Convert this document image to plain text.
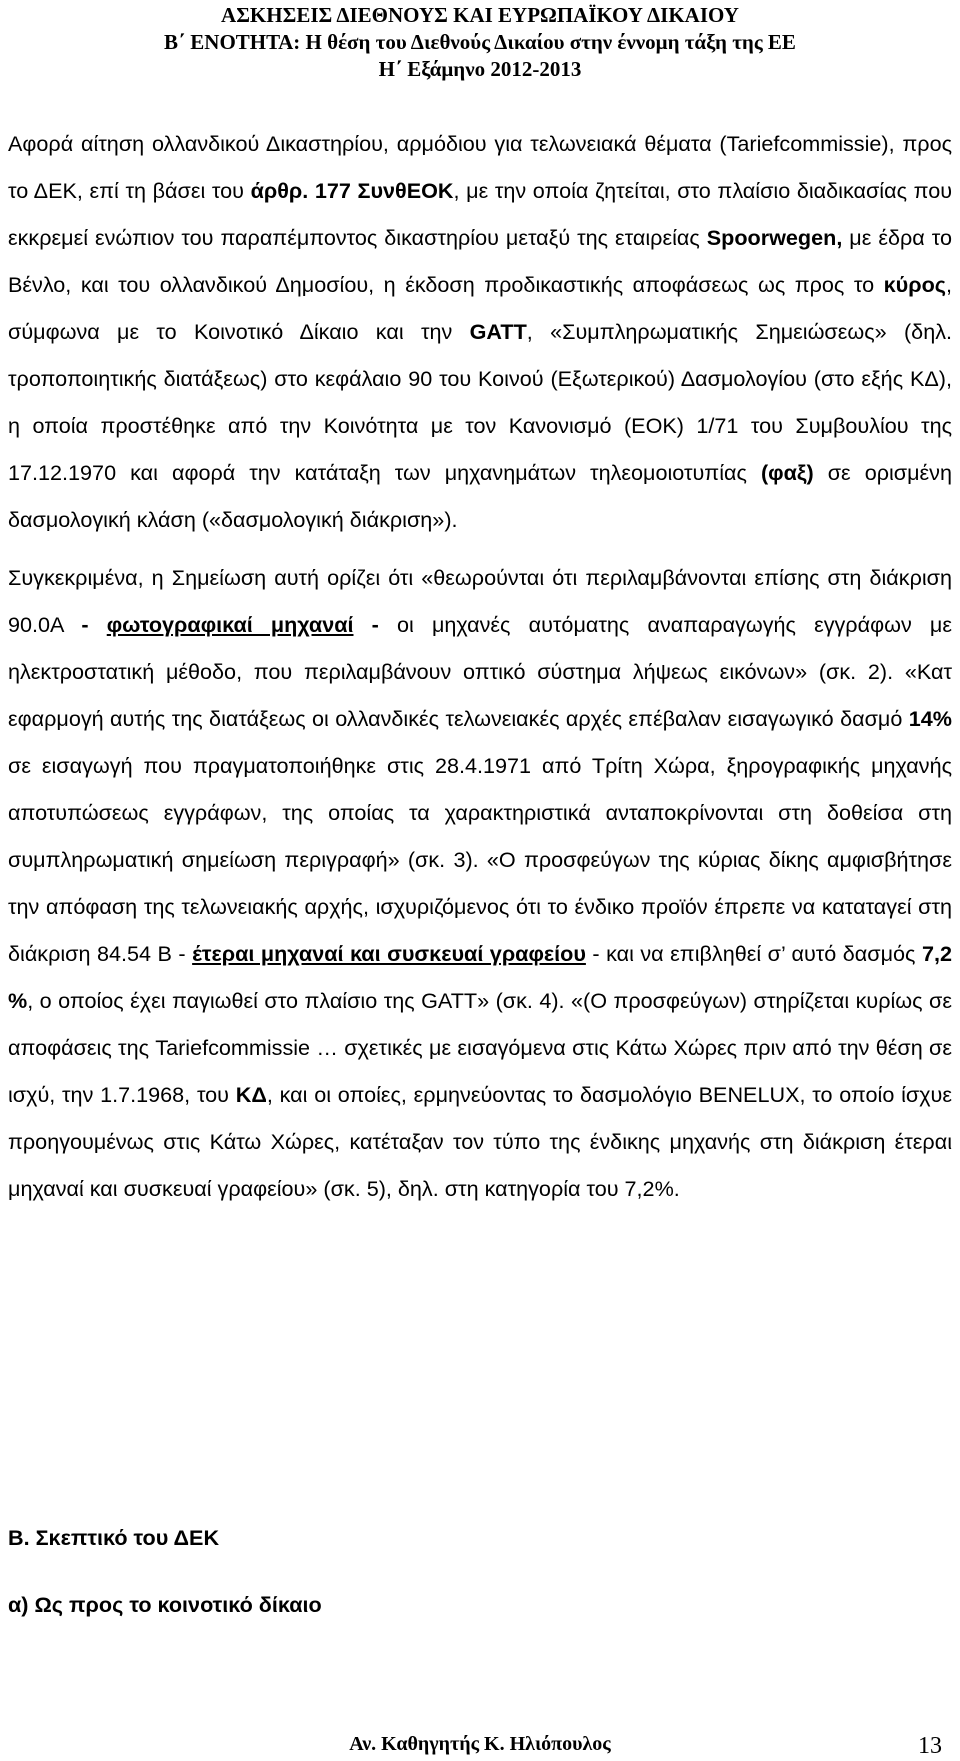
ΑΣΚΗΣΕΙΣ ΔΙΕΘΝΟΥΣ ΚΑΙ ΕΥΡΩΠΑΪΚΟΥ ΔΙΚΑΙΟΥ
Β΄ ΕΝΟΤΗΤΑ: Η θέση του Διεθνούς Δικαίου στην έννομη τάξη της ΕΕ
Η΄ Εξάμηνο 2012-2013

Αφορά αίτηση ολλανδικού Δικαστηρίου, αρμόδιου για τελωνειακά θέματα (Tariefcommissie), προς το ΔΕΚ, επί τη βάσει του άρθρ. 177 ΣυνθΕΟΚ, με την οποία ζητείται, στο πλαίσιο διαδικασίας που εκκρεμεί ενώπιον του παραπέμποντος δικαστηρίου μεταξύ της εταιρείας Spoorwegen, με έδρα το Βένλο, και του ολλανδικού Δημοσίου, η έκδοση προδικαστικής αποφάσεως ως προς το κύρος, σύμφωνα με το Κοινοτικό Δίκαιο και την GATT, «Συμπληρωματικής Σημειώσεως» (δηλ. τροποποιητικής διατάξεως) στο κεφάλαιο 90 του Κοινού (Εξωτερικού) Δασμολογίου (στο εξής ΚΔ), η οποία προστέθηκε από την Κοινότητα με τον Κανονισμό (ΕΟΚ) 1/71 του Συμβουλίου της 17.12.1970 και αφορά την κατάταξη των μηχανημάτων τηλεομοιοτυπίας (φαξ) σε ορισμένη δασμολογική κλάση («δασμολογική διάκριση»).

Συγκεκριμένα, η Σημείωση αυτή ορίζει ότι «θεωρούνται ότι περιλαμβάνονται επίσης στη διάκριση 90.0Α - φωτογραφικαί μηχαναί - οι μηχανές αυτόματης αναπαραγωγής εγγράφων με ηλεκτροστατική μέθοδο, που περιλαμβάνουν οπτικό σύστημα λήψεως εικόνων» (σκ. 2). «Κατ εφαρμογή αυτής της διατάξεως οι ολλανδικές τελωνειακές αρχές επέβαλαν εισαγωγικό δασμό 14% σε εισαγωγή που πραγματοποιήθηκε στις 28.4.1971 από Τρίτη Χώρα, ξηρογραφικής μηχανής αποτυπώσεως εγγράφων, της οποίας τα χαρακτηριστικά ανταποκρίνονται στη δοθείσα στη συμπληρωματική σημείωση περιγραφή» (σκ. 3). «Ο προσφεύγων της κύριας δίκης αμφισβήτησε την απόφαση της τελωνειακής αρχής, ισχυριζόμενος ότι το ένδικο προϊόν έπρεπε να καταταγεί στη διάκριση 84.54 Β - έτεραι μηχαναί και συσκευαί γραφείου - και να επιβληθεί σ’ αυτό δασμός 7,2 %, ο οποίος έχει παγιωθεί στο πλαίσιο της GATT» (σκ. 4). «(Ο προσφεύγων) στηρίζεται κυρίως σε αποφάσεις της Tariefcommissie … σχετικές με εισαγόμενα στις Κάτω Χώρες πριν από την θέση σε ισχύ, την 1.7.1968, του ΚΔ, και οι οποίες, ερμηνεύοντας το δασμολόγιο BENELUX, το οποίο ίσχυε προηγουμένως στις Κάτω Χώρες, κατέταξαν τον τύπο της ένδικης μηχανής στη διάκριση έτεραι μηχαναί και συσκευαί γραφείου» (σκ. 5), δηλ. στη κατηγορία του 7,2%.

Β. Σκεπτικό του ΔΕΚ
α) Ως προς το κοινοτικό δίκαιο
Αν. Καθηγητής Κ. Ηλιόπουλος	13
